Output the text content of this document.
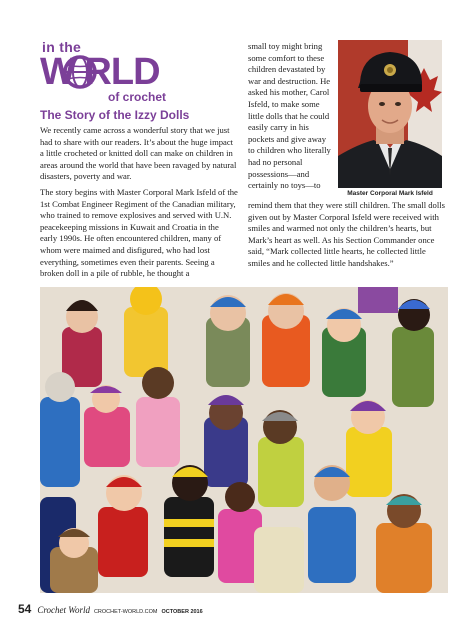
in the
W RLD
of crochet
The Story of the Izzy Dolls

We recently came across a wonderful story that we just had to share with our readers. It’s about the huge impact a little crocheted or knitted doll can make on children in areas around the world that have been ravaged by natural disasters, poverty and war.

The story begins with Master Corporal Mark Isfeld of the 1st Combat Engineer Regiment of the Canadian military, who trained to remove explosives and served with U.N. peacekeeping missions in Kuwait and Croatia in the early 1990s. He often encountered children, many of whom were maimed and disfigured, who had lost everything, sometimes even their parents. Seeing a broken doll in a pile of rubble, he thought a

small toy might bring some comfort to these children devastated by war and destruction. He asked his mother, Carol Isfeld, to make some little dolls that he could easily carry in his pockets and give away to children who literally had no personal possessions—and certainly no toys—to

Master Corporal Mark Isfeld

remind them that they were still children. The small dolls given out by Master Corporal Isfeld were received with smiles and warmed not only the children’s hearts, but Mark’s heart as well. As his Section Commander once said, “Mark collected little hearts, he collected little smiles and he collected little handshakes.”

54 Crochet World CROCHET-WORLD.COM OCTOBER 2016
